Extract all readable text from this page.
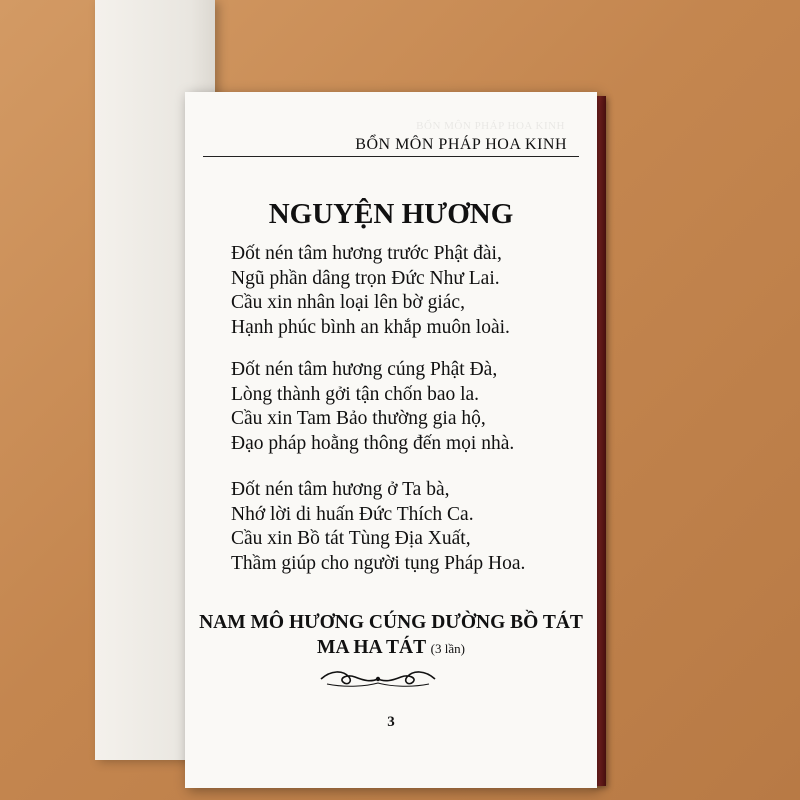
BỔN MÔN PHÁP HOA KINH
BỔN MÔN PHÁP HOA KINH
NGUYỆN HƯƠNG
Đốt nén tâm hương trước Phật đài,
Ngũ phần dâng trọn Đức Như Lai.
Cầu xin nhân loại lên bờ giác,
Hạnh phúc bình an khắp muôn loài.
Đốt nén tâm hương cúng Phật Đà,
Lòng thành gởi tận chốn bao la.
Cầu xin Tam Bảo thường gia hộ,
Đạo pháp hoằng thông đến mọi nhà.
Đốt nén tâm hương ở Ta bà,
Nhớ lời di huấn Đức Thích Ca.
Cầu xin Bồ tát Tùng Địa Xuất,
Thầm giúp cho người tụng Pháp Hoa.
NAM MÔ HƯƠNG CÚNG DƯỜNG BỒ TÁT
MA HA TÁT (3 lần)
3
